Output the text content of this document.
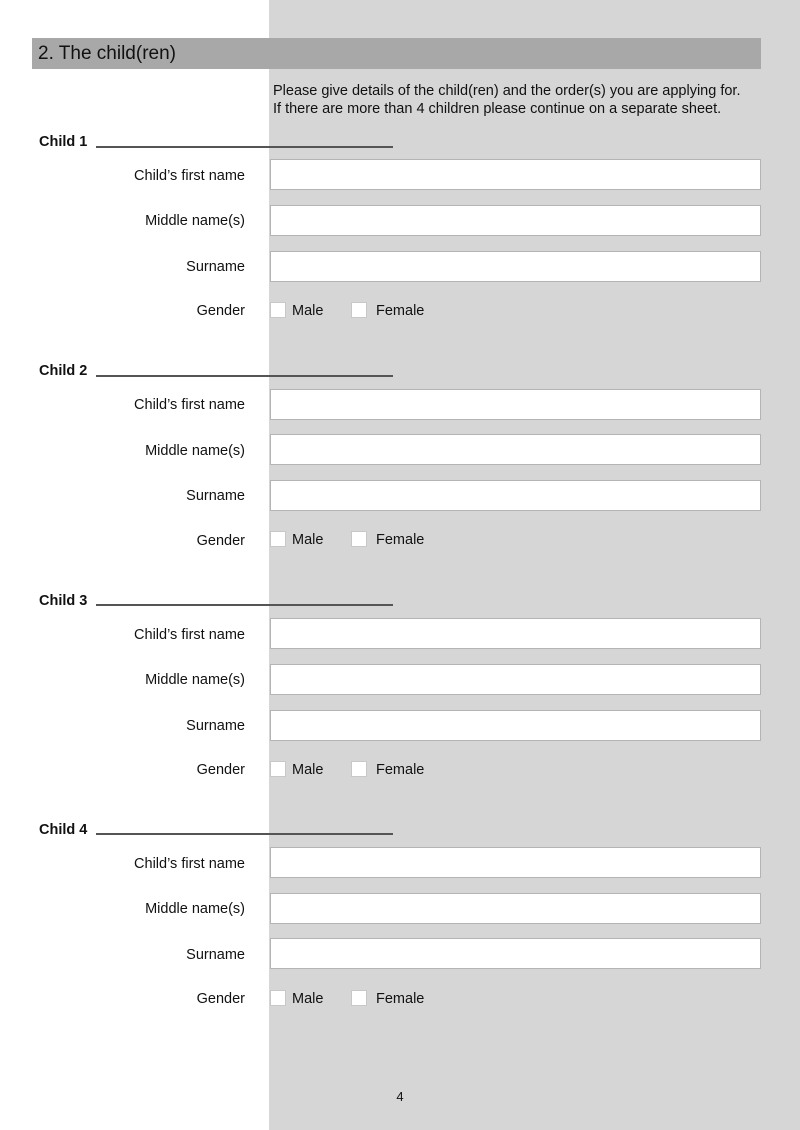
2. The child(ren)
Please give details of the child(ren) and the order(s) you are applying for.
If there are more than 4 children please continue on a separate sheet.
Child 1
Child’s first name
Middle name(s)
Surname
Gender	Male	Female
Child 2
Child’s first name
Middle name(s)
Surname
Gender	Male	Female
Child 3
Child’s first name
Middle name(s)
Surname
Gender	Male	Female
Child 4
Child’s first name
Middle name(s)
Surname
Gender	Male	Female
4
